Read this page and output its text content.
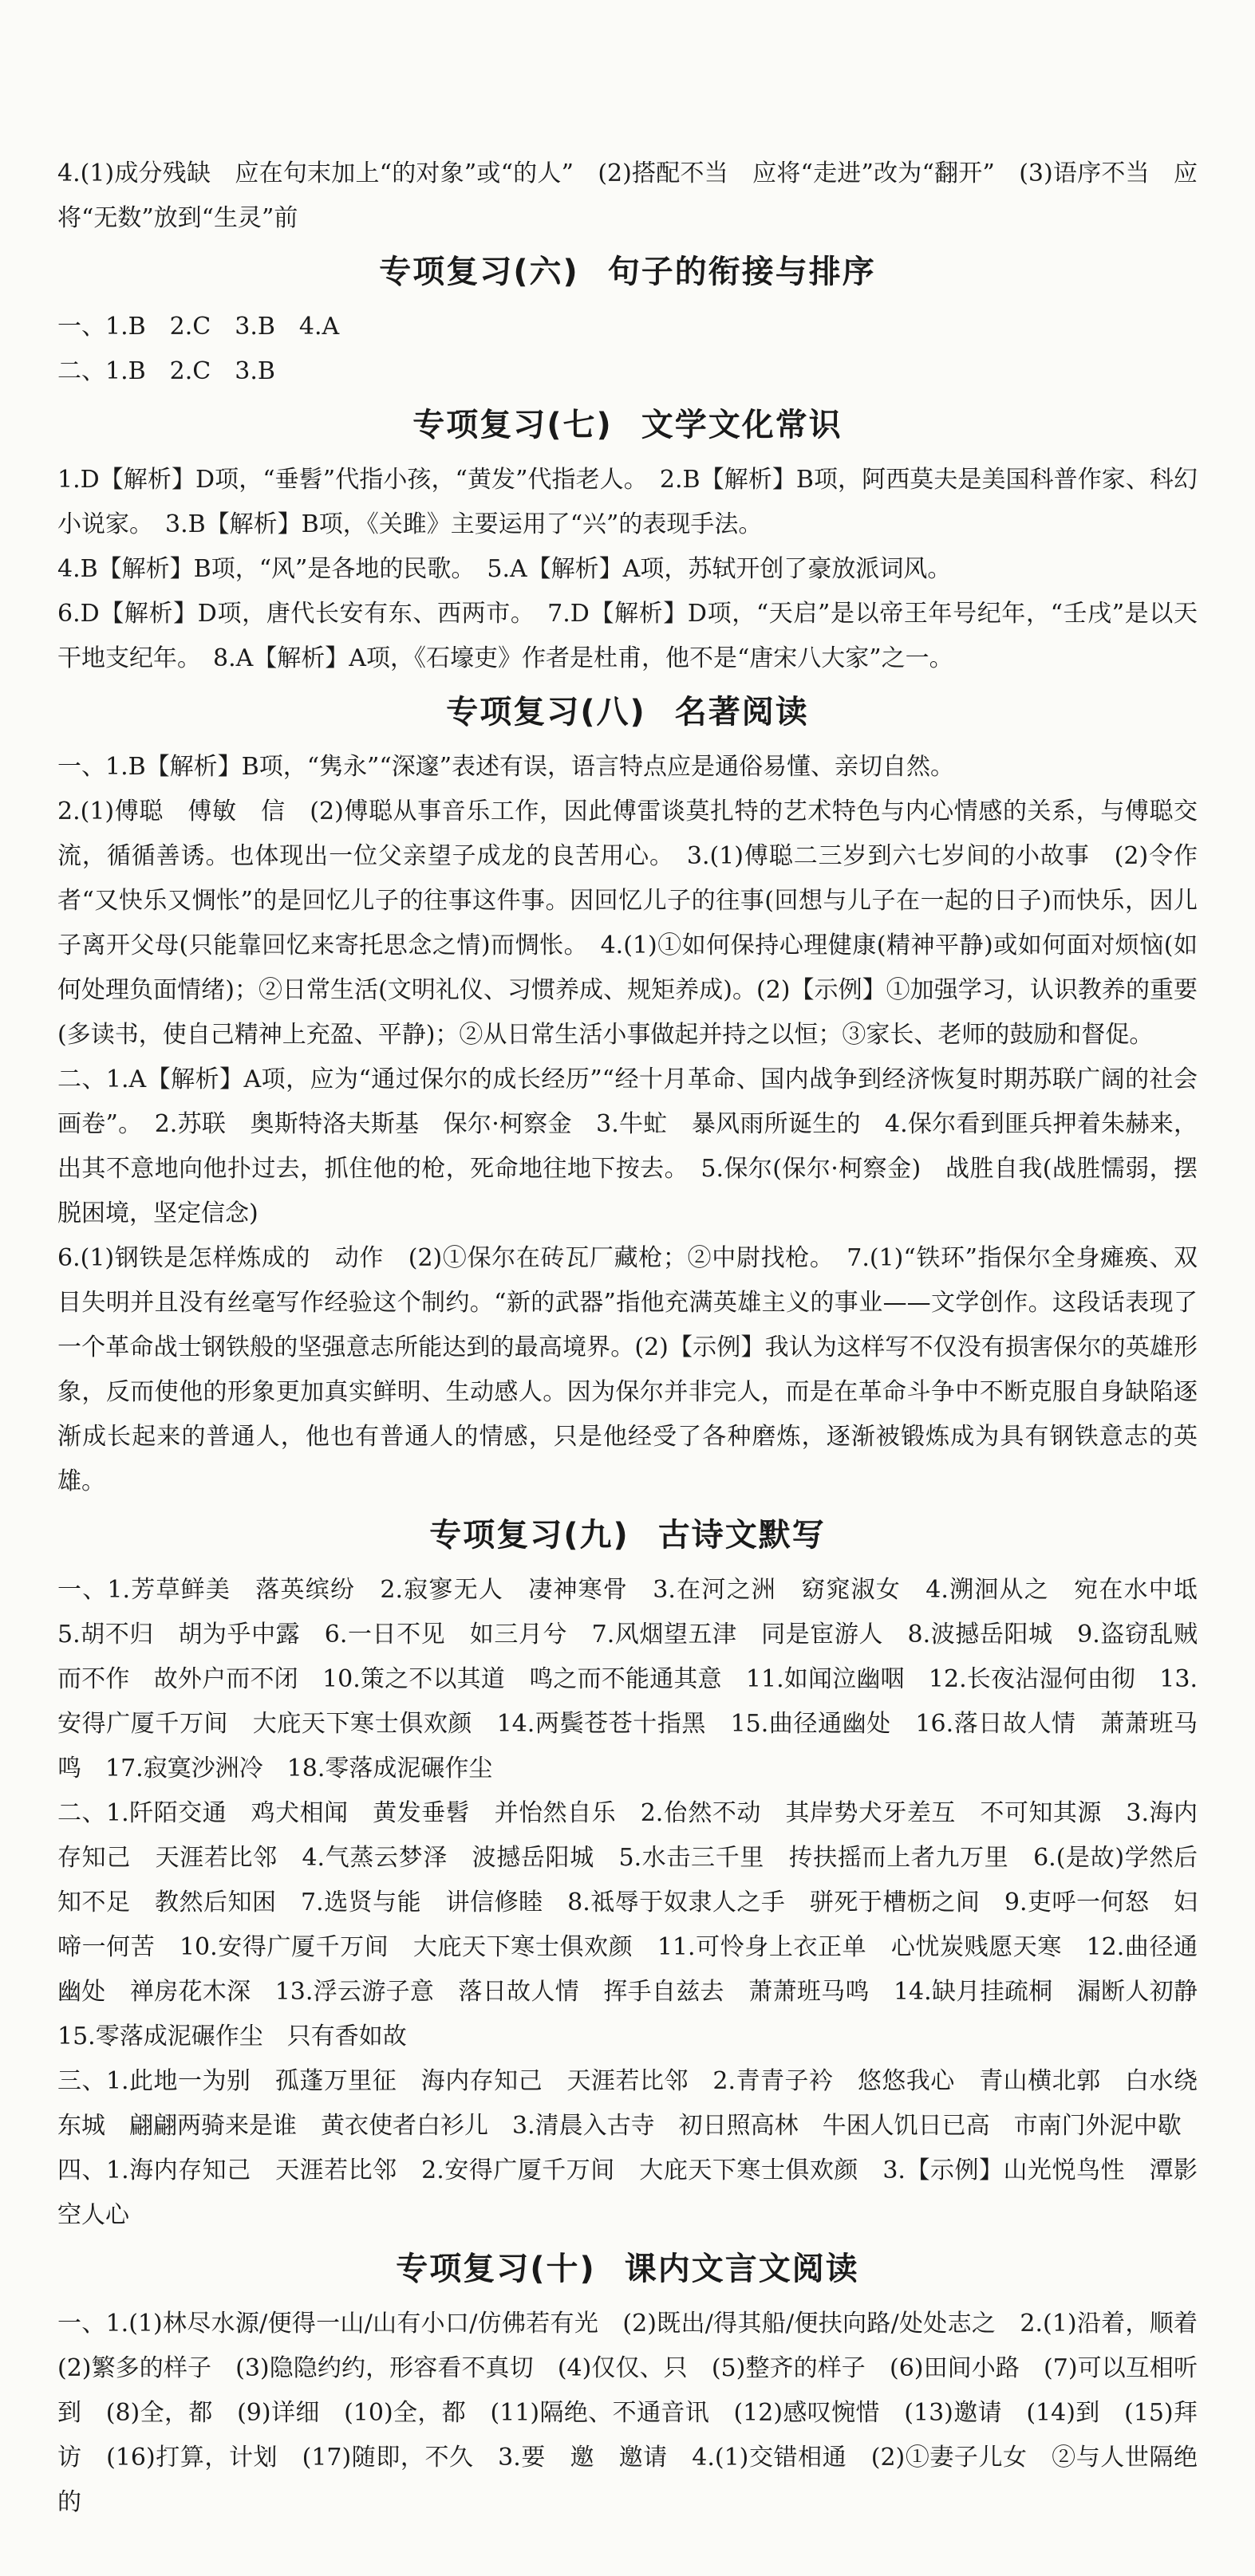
4.(1)成分残缺　应在句末加上“的对象”或“的人”　(2)搭配不当　应将“走进”改为“翻开”　(3)语序不当　应将“无数”放到“生灵”前

专项复习(六) 句子的衔接与排序

一、1.B　2.C　3.B　4.A

二、1.B　2.C　3.B

专项复习(七) 文学文化常识

1.D【解析】D项，“垂髫”代指小孩，“黄发”代指老人。　2.B【解析】B项，阿西莫夫是美国科普作家、科幻小说家。　3.B【解析】B项，《关雎》主要运用了“兴”的表现手法。

4.B【解析】B项，“风”是各地的民歌。　5.A【解析】A项，苏轼开创了豪放派词风。

6.D【解析】D项，唐代长安有东、西两市。　7.D【解析】D项，“天启”是以帝王年号纪年，“壬戌”是以天干地支纪年。　8.A【解析】A项，《石壕吏》作者是杜甫，他不是“唐宋八大家”之一。

专项复习(八) 名著阅读

一、1.B【解析】B项，“隽永”“深邃”表述有误，语言特点应是通俗易懂、亲切自然。

2.(1)傅聪　傅敏　信　(2)傅聪从事音乐工作，因此傅雷谈莫扎特的艺术特色与内心情感的关系，与傅聪交流，循循善诱。也体现出一位父亲望子成龙的良苦用心。　3.(1)傅聪二三岁到六七岁间的小故事　(2)令作者“又快乐又惆怅”的是回忆儿子的往事这件事。因回忆儿子的往事(回想与儿子在一起的日子)而快乐，因儿子离开父母(只能靠回忆来寄托思念之情)而惆怅。　4.(1)①如何保持心理健康(精神平静)或如何面对烦恼(如何处理负面情绪)；②日常生活(文明礼仪、习惯养成、规矩养成)。(2)【示例】①加强学习，认识教养的重要(多读书，使自己精神上充盈、平静)；②从日常生活小事做起并持之以恒；③家长、老师的鼓励和督促。

二、1.A【解析】A项，应为“通过保尔的成长经历”“经十月革命、国内战争到经济恢复时期苏联广阔的社会画卷”。　2.苏联　奥斯特洛夫斯基　保尔·柯察金　3.牛虻　暴风雨所诞生的　4.保尔看到匪兵押着朱赫来，出其不意地向他扑过去，抓住他的枪，死命地往地下按去。　5.保尔(保尔·柯察金)　战胜自我(战胜懦弱，摆脱困境，坚定信念)

6.(1)钢铁是怎样炼成的　动作　(2)①保尔在砖瓦厂藏枪；②中尉找枪。　7.(1)“铁环”指保尔全身瘫痪、双目失明并且没有丝毫写作经验这个制约。“新的武器”指他充满英雄主义的事业——文学创作。这段话表现了一个革命战士钢铁般的坚强意志所能达到的最高境界。(2)【示例】我认为这样写不仅没有损害保尔的英雄形象，反而使他的形象更加真实鲜明、生动感人。因为保尔并非完人，而是在革命斗争中不断克服自身缺陷逐渐成长起来的普通人，他也有普通人的情感，只是他经受了各种磨炼，逐渐被锻炼成为具有钢铁意志的英雄。

专项复习(九) 古诗文默写

一、1.芳草鲜美　落英缤纷　2.寂寥无人　凄神寒骨　3.在河之洲　窈窕淑女　4.溯洄从之　宛在水中坻　5.胡不归　胡为乎中露　6.一日不见　如三月兮　7.风烟望五津　同是宦游人　8.波撼岳阳城　9.盗窃乱贼而不作　故外户而不闭　10.策之不以其道　鸣之而不能通其意　11.如闻泣幽咽　12.长夜沾湿何由彻　13.安得广厦千万间　大庇天下寒士俱欢颜　14.两鬓苍苍十指黑　15.曲径通幽处　16.落日故人情　萧萧班马鸣　17.寂寞沙洲冷　18.零落成泥碾作尘

二、1.阡陌交通　鸡犬相闻　黄发垂髫　并怡然自乐　2.佁然不动　其岸势犬牙差互　不可知其源　3.海内存知己　天涯若比邻　4.气蒸云梦泽　波撼岳阳城　5.水击三千里　抟扶摇而上者九万里　6.(是故)学然后知不足　教然后知困　7.选贤与能　讲信修睦　8.祗辱于奴隶人之手　骈死于槽枥之间　9.吏呼一何怒　妇啼一何苦　10.安得广厦千万间　大庇天下寒士俱欢颜　11.可怜身上衣正单　心忧炭贱愿天寒　12.曲径通幽处　禅房花木深　13.浮云游子意　落日故人情　挥手自兹去　萧萧班马鸣　14.缺月挂疏桐　漏断人初静　15.零落成泥碾作尘　只有香如故

三、1.此地一为别　孤蓬万里征　海内存知己　天涯若比邻　2.青青子衿　悠悠我心　青山横北郭　白水绕东城　翩翩两骑来是谁　黄衣使者白衫儿　3.清晨入古寺　初日照高林　牛困人饥日已高　市南门外泥中歇

四、1.海内存知己　天涯若比邻　2.安得广厦千万间　大庇天下寒士俱欢颜　3.【示例】山光悦鸟性　潭影空人心

专项复习(十) 课内文言文阅读

一、1.(1)林尽水源/便得一山/山有小口/仿佛若有光　(2)既出/得其船/便扶向路/处处志之　2.(1)沿着，顺着　(2)繁多的样子　(3)隐隐约约，形容看不真切　(4)仅仅、只　(5)整齐的样子　(6)田间小路　(7)可以互相听到　(8)全，都　(9)详细　(10)全，都　(11)隔绝、不通音讯　(12)感叹惋惜　(13)邀请　(14)到　(15)拜访　(16)打算，计划　(17)随即，不久　3.要　邀　邀请　4.(1)交错相通　(2)①妻子儿女　②与人世隔绝的
